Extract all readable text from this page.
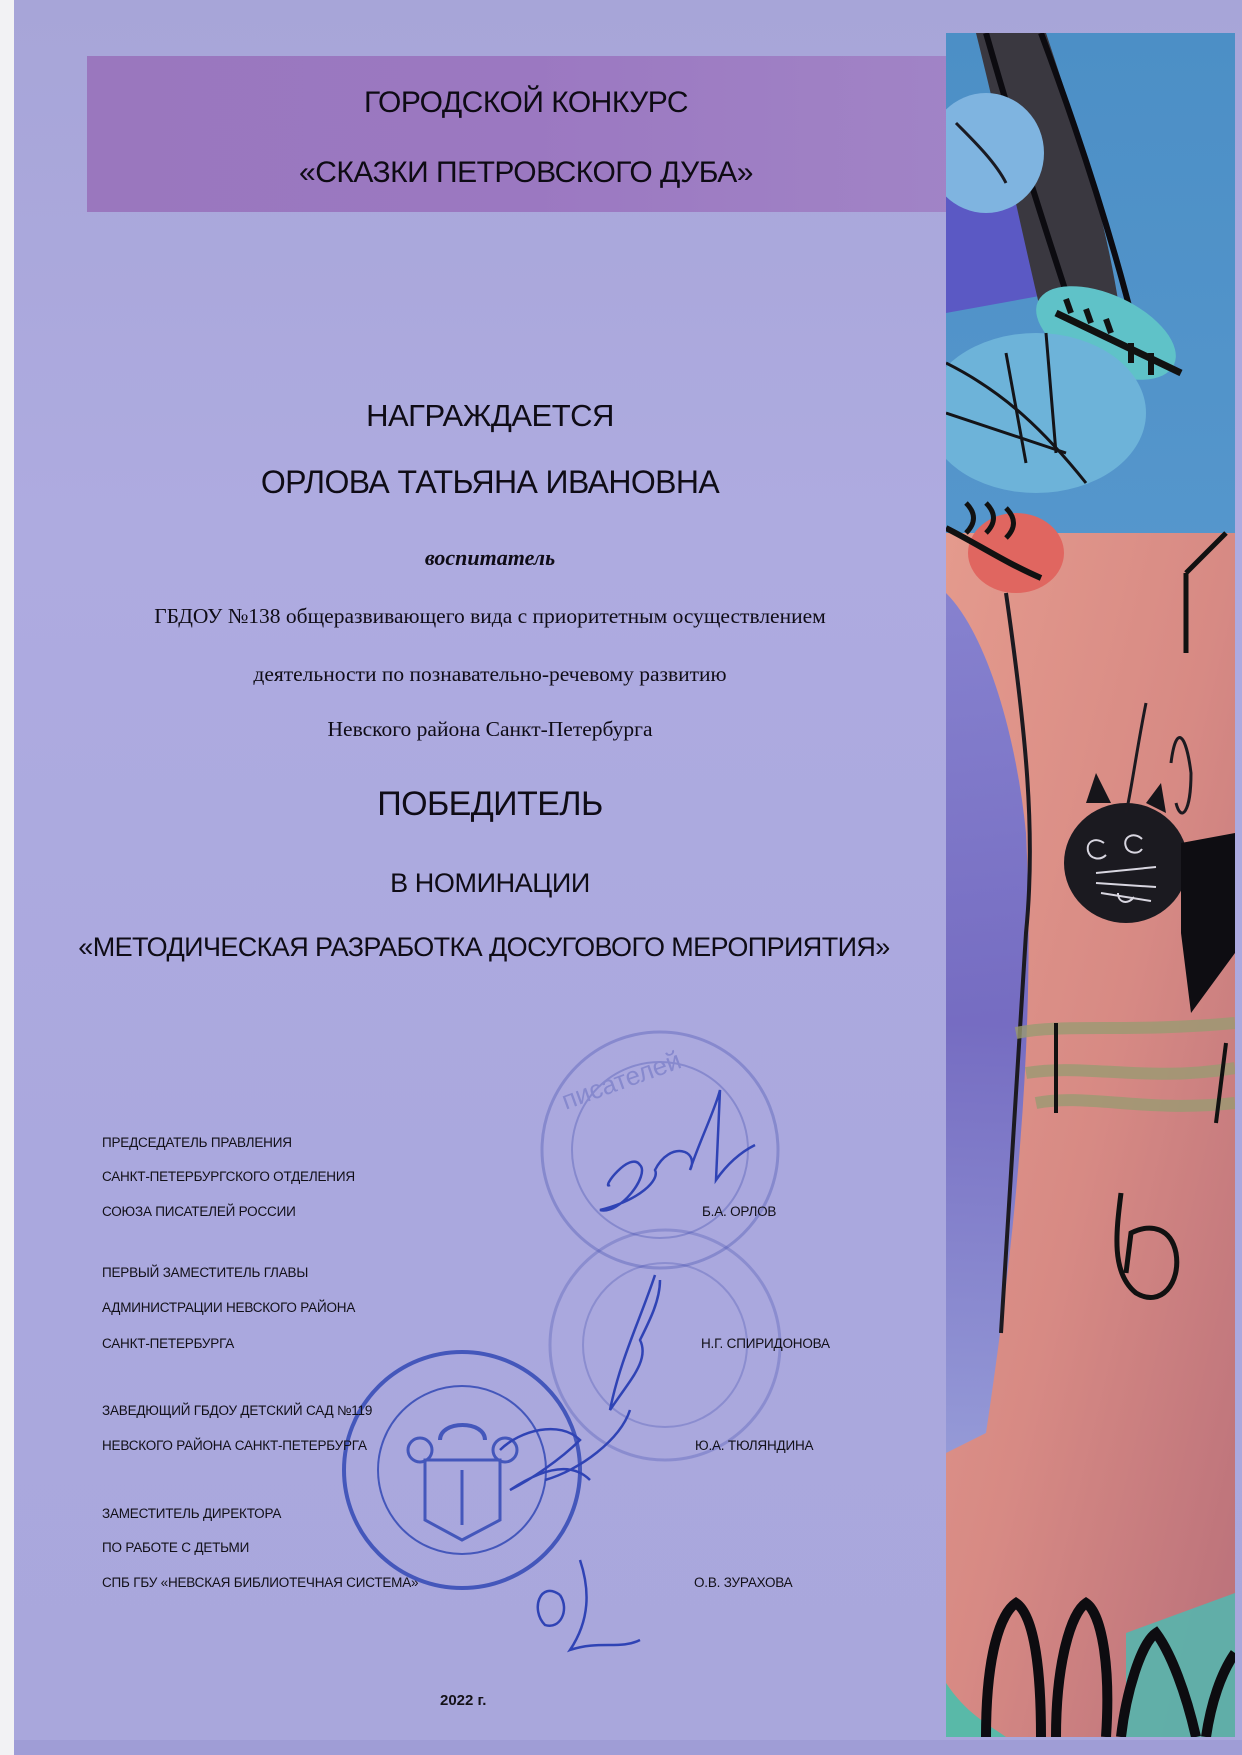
ГОРОДСКОЙ КОНКУРС
«СКАЗКИ ПЕТРОВСКОГО ДУБА»
НАГРАЖДАЕТСЯ
ОРЛОВА ТАТЬЯНА ИВАНОВНА
воспитатель
ГБДОУ №138 общеразвивающего вида с приоритетным осуществлением
деятельности по познавательно-речевому развитию
Невского района Санкт-Петербурга
ПОБЕДИТЕЛЬ
В НОМИНАЦИИ
«МЕТОДИЧЕСКАЯ РАЗРАБОТКА ДОСУГОВОГО МЕРОПРИЯТИЯ»
писателей
ПРЕДСЕДАТЕЛЬ ПРАВЛЕНИЯ
САНКТ-ПЕТЕРБУРГСКОГО ОТДЕЛЕНИЯ
СОЮЗА ПИСАТЕЛЕЙ РОССИИ	Б.А. ОРЛОВ
ПЕРВЫЙ ЗАМЕСТИТЕЛЬ ГЛАВЫ
АДМИНИСТРАЦИИ НЕВСКОГО РАЙОНА
САНКТ-ПЕТЕРБУРГА	Н.Г. СПИРИДОНОВА
ЗАВЕДЮЩИЙ ГБДОУ ДЕТСКИЙ САД №119
НЕВСКОГО РАЙОНА САНКТ-ПЕТЕРБУРГА	Ю.А. ТЮЛЯНДИНА
ЗАМЕСТИТЕЛЬ ДИРЕКТОРА
ПО РАБОТЕ С ДЕТЬМИ
СПБ ГБУ «НЕВСКАЯ БИБЛИОТЕЧНАЯ СИСТЕМА»	О.В. ЗУРАХОВА
2022 г.
